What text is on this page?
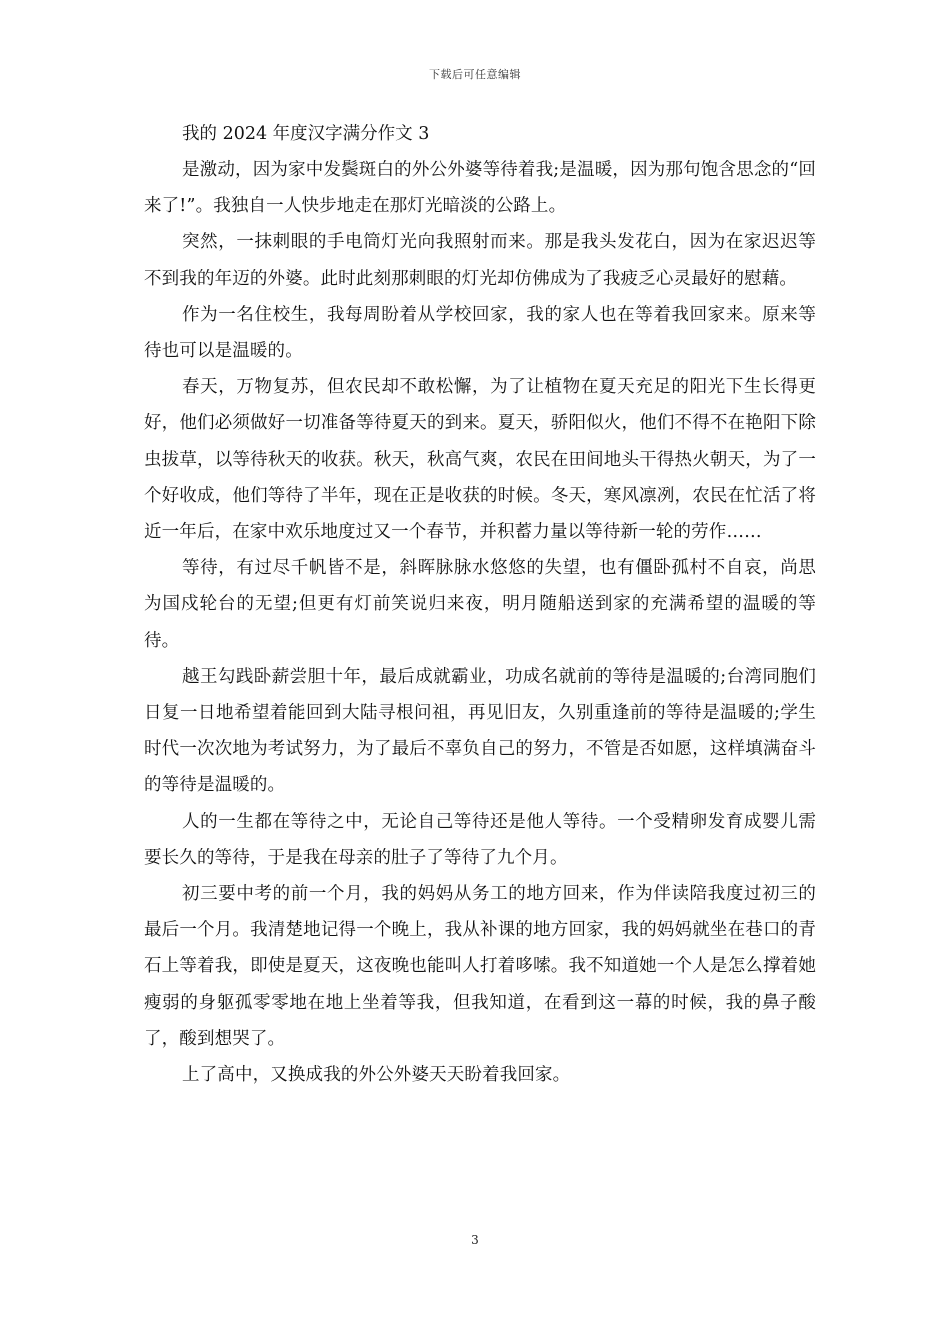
下载后可任意编辑
我的 2024 年度汉字满分作文 3

是激动，因为家中发鬓斑白的外公外婆等待着我;是温暖，因为那句饱含思念的“回来了!”。我独自一人快步地走在那灯光暗淡的公路上。

突然，一抹刺眼的手电筒灯光向我照射而来。那是我头发花白，因为在家迟迟等不到我的年迈的外婆。此时此刻那刺眼的灯光却仿佛成为了我疲乏心灵最好的慰藉。

作为一名住校生，我每周盼着从学校回家，我的家人也在等着我回家来。原来等待也可以是温暖的。

春天，万物复苏，但农民却不敢松懈，为了让植物在夏天充足的阳光下生长得更好，他们必须做好一切准备等待夏天的到来。夏天，骄阳似火，他们不得不在艳阳下除虫拔草，以等待秋天的收获。秋天，秋高气爽，农民在田间地头干得热火朝天，为了一个好收成，他们等待了半年，现在正是收获的时候。冬天，寒风凛冽，农民在忙活了将近一年后，在家中欢乐地度过又一个春节，并积蓄力量以等待新一轮的劳作……

等待，有过尽千帆皆不是，斜晖脉脉水悠悠的失望，也有僵卧孤村不自哀，尚思为国戍轮台的无望;但更有灯前笑说归来夜，明月随船送到家的充满希望的温暖的等待。

越王勾践卧薪尝胆十年，最后成就霸业，功成名就前的等待是温暖的;台湾同胞们日复一日地希望着能回到大陆寻根问祖，再见旧友，久别重逢前的等待是温暖的;学生时代一次次地为考试努力，为了最后不辜负自己的努力，不管是否如愿，这样填满奋斗的等待是温暖的。

人的一生都在等待之中，无论自己等待还是他人等待。一个受精卵发育成婴儿需要长久的等待，于是我在母亲的肚子了等待了九个月。

初三要中考的前一个月，我的妈妈从务工的地方回来，作为伴读陪我度过初三的最后一个月。我清楚地记得一个晚上，我从补课的地方回家，我的妈妈就坐在巷口的青石上等着我，即使是夏天，这夜晚也能叫人打着哆嗦。我不知道她一个人是怎么撑着她瘦弱的身躯孤零零地在地上坐着等我，但我知道，在看到这一幕的时候，我的鼻子酸了，酸到想哭了。

上了高中，又换成我的外公外婆天天盼着我回家。

3
